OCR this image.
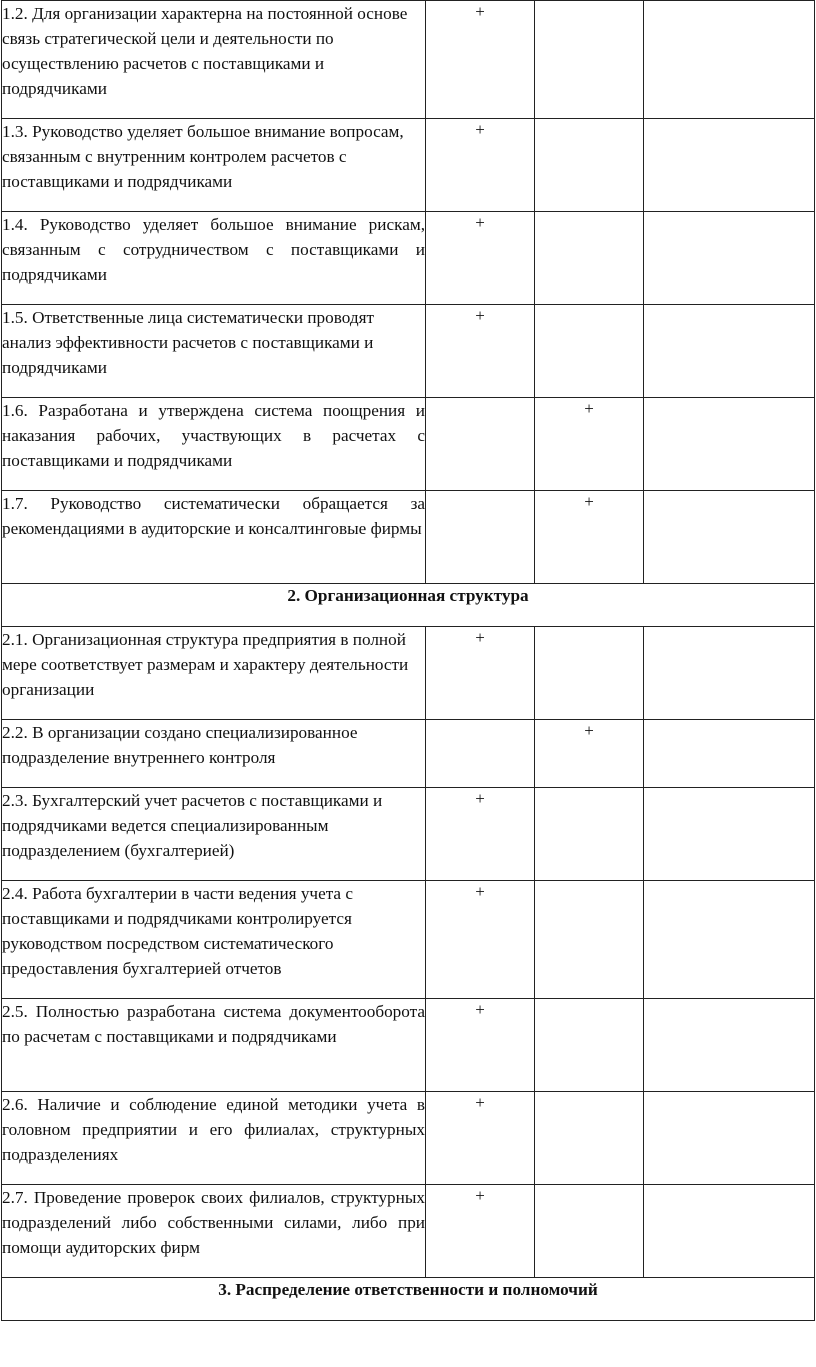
1.2. Для организации характерна на постоянной основе связь стратегической цели и деятельности по осуществлению расчетов с поставщиками и подрядчиками	+		
1.3. Руководство уделяет большое внимание вопросам, связанным с внутренним контролем расчетов с поставщиками и подрядчиками	+		
1.4. Руководство уделяет большое внимание рискам, связанным с сотрудничеством с поставщиками и подрядчиками	+		
1.5. Ответственные лица систематически проводят анализ эффективности расчетов с поставщиками и подрядчиками	+		
1.6. Разработана и утверждена система поощрения и наказания рабочих, участвующих в расчетах с поставщиками и подрядчиками		+	
1.7. Руководство систематически обращается за рекомендациями в аудиторские и консалтинговые фирмы		+	
2. Организационная структура			
2.1. Организационная структура предприятия в полной мере соответствует размерам и характеру деятельности организации	+		
2.2. В организации создано специализированное подразделение внутреннего контроля		+	
2.3. Бухгалтерский учет расчетов с поставщиками и подрядчиками ведется специализированным подразделением (бухгалтерией)	+		
2.4. Работа бухгалтерии в части ведения учета с поставщиками и подрядчиками контролируется руководством посредством систематического предоставления бухгалтерией отчетов	+		
2.5. Полностью разработана система документооборота по расчетам с поставщиками и подрядчиками	+		
2.6. Наличие и соблюдение единой методики учета в головном предприятии и его филиалах, структурных подразделениях	+		
2.7. Проведение проверок своих филиалов, структурных подразделений либо собственными силами, либо при помощи аудиторских фирм	+		
3. Распределение ответственности и полномочий			
